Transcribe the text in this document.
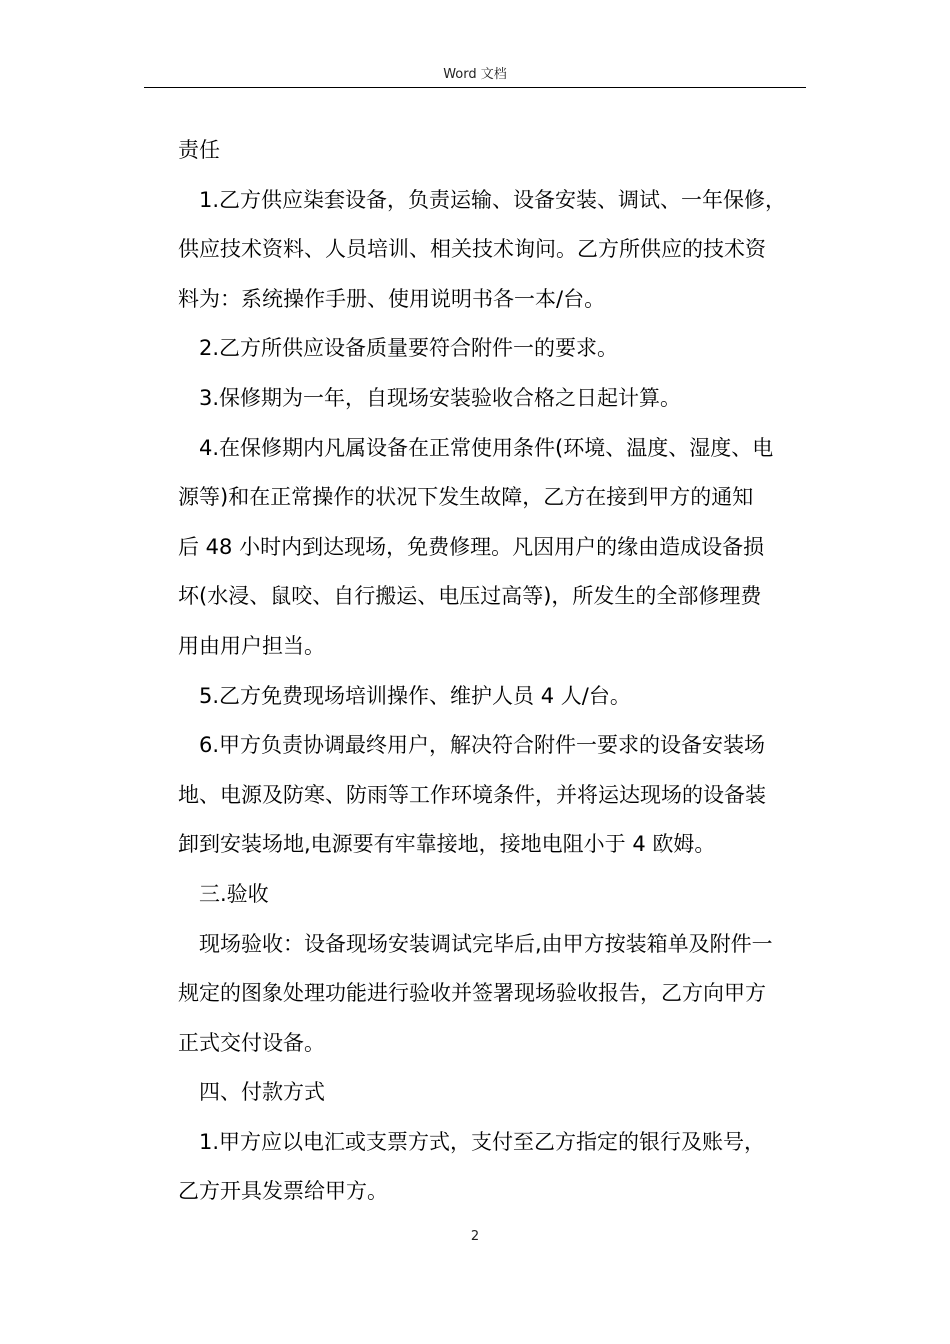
Word 文档
责任
1.乙方供应柒套设备，负责运输、设备安装、调试、一年保修，
供应技术资料、人员培训、相关技术询问。乙方所供应的技术资
料为：系统操作手册、使用说明书各一本/台。
2.乙方所供应设备质量要符合附件一的要求。
3.保修期为一年，自现场安装验收合格之日起计算。
4.在保修期内凡属设备在正常使用条件(环境、温度、湿度、电
源等)和在正常操作的状况下发生故障，乙方在接到甲方的通知
后 48 小时内到达现场，免费修理。凡因用户的缘由造成设备损
坏(水浸、鼠咬、自行搬运、电压过高等)，所发生的全部修理费
用由用户担当。
5.乙方免费现场培训操作、维护人员 4 人/台。
6.甲方负责协调最终用户，解决符合附件一要求的设备安装场
地、电源及防寒、防雨等工作环境条件，并将运达现场的设备装
卸到安装场地,电源要有牢靠接地，接地电阻小于 4 欧姆。
三.验收
现场验收：设备现场安装调试完毕后,由甲方按装箱单及附件一
规定的图象处理功能进行验收并签署现场验收报告，乙方向甲方
正式交付设备。
四、付款方式
1.甲方应以电汇或支票方式，支付至乙方指定的银行及账号，
乙方开具发票给甲方。
2
